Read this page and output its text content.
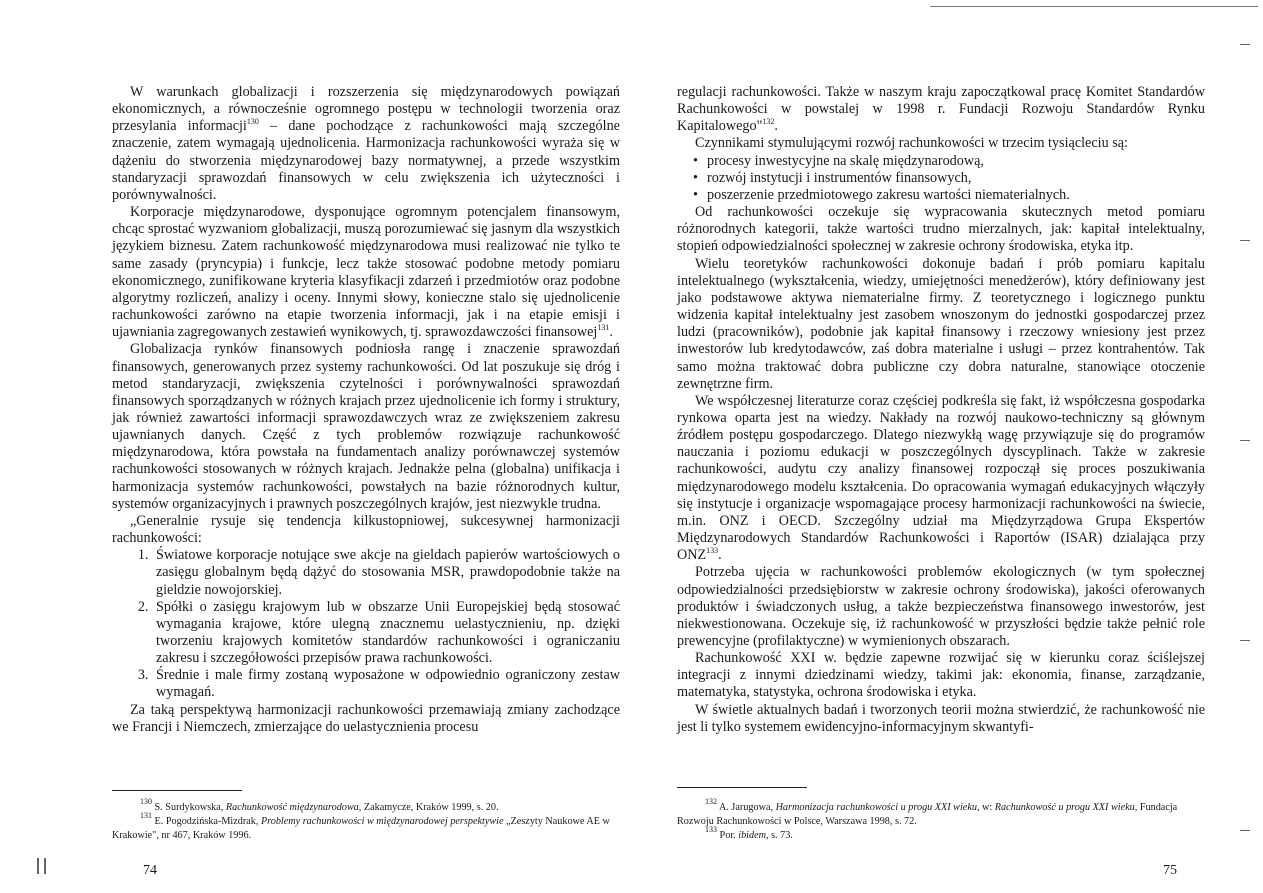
W warunkach globalizacji i rozszerzenia się międzynarodowych powiązań ekonomicznych, a równocześnie ogromnego postępu w technologii tworzenia oraz przesylania informacji$^{130}$ – dane pochodzące z rachunkowości mają szczególne znaczenie, zatem wymagają ujednolicenia. Harmonizacja rachunkowości wyraża się w dążeniu do stworzenia międzynarodowej bazy normatywnej, a przede wszystkim standaryzacji sprawozdań finansowych w celu zwiększenia ich użyteczności i porównywalności.

Korporacje międzynarodowe, dysponujące ogromnym potencjalem finansowym, chcąc sprostać wyzwaniom globalizacji, muszą porozumiewać się jasnym dla wszystkich językiem biznesu. Zatem rachunkowość międzynarodowa musi realizować nie tylko te same zasady (pryncypia) i funkcje, lecz także stosować podobne metody pomiaru ekonomicznego, zunifikowane kryteria klasyfikacji zdarzeń i przedmiotów oraz podobne algorytmy rozliczeń, analizy i oceny. Innymi słowy, konieczne stalo się ujednolicenie rachunkowości zarówno na etapie tworzenia informacji, jak i na etapie emisji i ujawniania zagregowanych zestawień wynikowych, tj. sprawozdawczości finansowej$^{131}$.

Globalizacja rynków finansowych podniosła rangę i znaczenie sprawozdań finansowych, generowanych przez systemy rachunkowości. Od lat poszukuje się dróg i metod standaryzacji, zwiększenia czytelności i porównywalności sprawozdań finansowych sporządzanych w różnych krajach przez ujednolicenie ich formy i struktury, jak również zawartości informacji sprawozdawczych wraz ze zwiększeniem zakresu ujawnianych danych. Część z tych problemów rozwiązuje rachunkowość międzynarodowa, która powstała na fundamentach analizy porównawczej systemów rachunkowości stosowanych w różnych krajach. Jednakże pelna (globalna) unifikacja i harmonizacja systemów rachunkowości, powstałych na bazie różnorodnych kultur, systemów organizacyjnych i prawnych poszczególnych krajów, jest niezwykle trudna.

„Generalnie rysuje się tendencja kilkustopniowej, sukcesywnej harmonizacji rachunkowości:

1. Światowe korporacje notujące swe akcje na gieldach papierów wartościowych o zasięgu globalnym będą dążyć do stosowania MSR, prawdopodobnie także na gieldzie nowojorskiej.
2. Spółki o zasięgu krajowym lub w obszarze Unii Europejskiej będą stosować wymagania krajowe, które ulegną znacznemu uelastycznieniu, np. dzięki tworzeniu krajowych komitetów standardów rachunkowości i ograniczaniu zakresu i szczegółowości przepisów prawa rachunkowości.
3. Średnie i male firmy zostaną wyposażone w odpowiednio ograniczony zestaw wymagań.

Za taką perspektywą harmonizacji rachunkowości przemawiają zmiany zachodzące we Francji i Niemczech, zmierzające do uelastycznienia procesu

$^{130}$ S. Surdykowska, Rachunkowość międzynarodowa, Zakamycze, Kraków 1999, s. 20.
$^{131}$ E. Pogodzińska-Mizdrak, Problemy rachunkowości w międzynarodowej perspektywie „Zeszyty Naukowe AE w Krakowie", nr 467, Kraków 1996.
74

regulacji rachunkowości. Także w naszym kraju zapoczątkowal pracę Komitet Standardów Rachunkowości w powstalej w 1998 r. Fundacji Rozwoju Standardów Rynku Kapitalowego"$^{132}$.

Czynnikami stymulującymi rozwój rachunkowości w trzecim tysiącleciu są:

• procesy inwestycyjne na skalę międzynarodową,
• rozwój instytucji i instrumentów finansowych,
• poszerzenie przedmiotowego zakresu wartości niematerialnych.

Od rachunkowości oczekuje się wypracowania skutecznych metod pomiaru różnorodnych kategorii, także wartości trudno mierzalnych, jak: kapitał intelektualny, stopień odpowiedzialności społecznej w zakresie ochrony środowiska, etyka itp.

Wielu teoretyków rachunkowości dokonuje badań i prób pomiaru kapitalu intelektualnego (wykształcenia, wiedzy, umiejętności menedżerów), który definiowany jest jako podstawowe aktywa niematerialne firmy. Z teoretycznego i logicznego punktu widzenia kapitał intelektualny jest zasobem wnoszonym do jednostki gospodarczej przez ludzi (pracowników), podobnie jak kapitał finansowy i rzeczowy wniesiony jest przez inwestorów lub kredytodawców, zaś dobra materialne i usługi – przez kontrahentów. Tak samo można traktować dobra publiczne czy dobra naturalne, stanowiące otoczenie zewnętrzne firm.

We współczesnej literaturze coraz częściej podkreśla się fakt, iż współczesna gospodarka rynkowa oparta jest na wiedzy. Nakłady na rozwój naukowo-techniczny są głównym źródłem postępu gospodarczego. Dlatego niezwykłą wagę przywiązuje się do programów nauczania i poziomu edukacji w poszczególnych dyscyplinach. Także w zakresie rachunkowości, audytu czy analizy finansowej rozpoczął się proces poszukiwania międzynarodowego modelu kształcenia. Do opracowania wymagań edukacyjnych włączyły się instytucje i organizacje wspomagające procesy harmonizacji rachunkowości na świecie, m.in. ONZ i OECD. Szczególny udział ma Międzyrządowa Grupa Ekspertów Międzynarodowych Standardów Rachunkowości i Raportów (ISAR) dzialająca przy ONZ$^{133}$.

Potrzeba ujęcia w rachunkowości problemów ekologicznych (w tym społecznej odpowiedzialności przedsiębiorstw w zakresie ochrony środowiska), jakości oferowanych produktów i świadczonych usług, a także bezpieczeństwa finansowego inwestorów, jest niekwestionowana. Oczekuje się, iż rachunkowość w przyszłości będzie także pełnić role prewencyjne (profilaktyczne) w wymienionych obszarach.

Rachunkowość XXI w. będzie zapewne rozwijać się w kierunku coraz ściślejszej integracji z innymi dziedzinami wiedzy, takimi jak: ekonomia, finanse, zarządzanie, matematyka, statystyka, ochrona środowiska i etyka.

W świetle aktualnych badań i tworzonych teorii można stwierdzić, że rachunkowość nie jest li tylko systemem ewidencyjno-informacyjnym skwantyfi-

$^{132}$ A. Jarugowa, Harmonizacja rachunkowości u progu XXI wieku, w: Rachunkowość u progu XXI wieku, Fundacja Rozwoju Rachunkowości w Polsce, Warszawa 1998, s. 72.
$^{133}$ Por. ibidem, s. 73.
75
